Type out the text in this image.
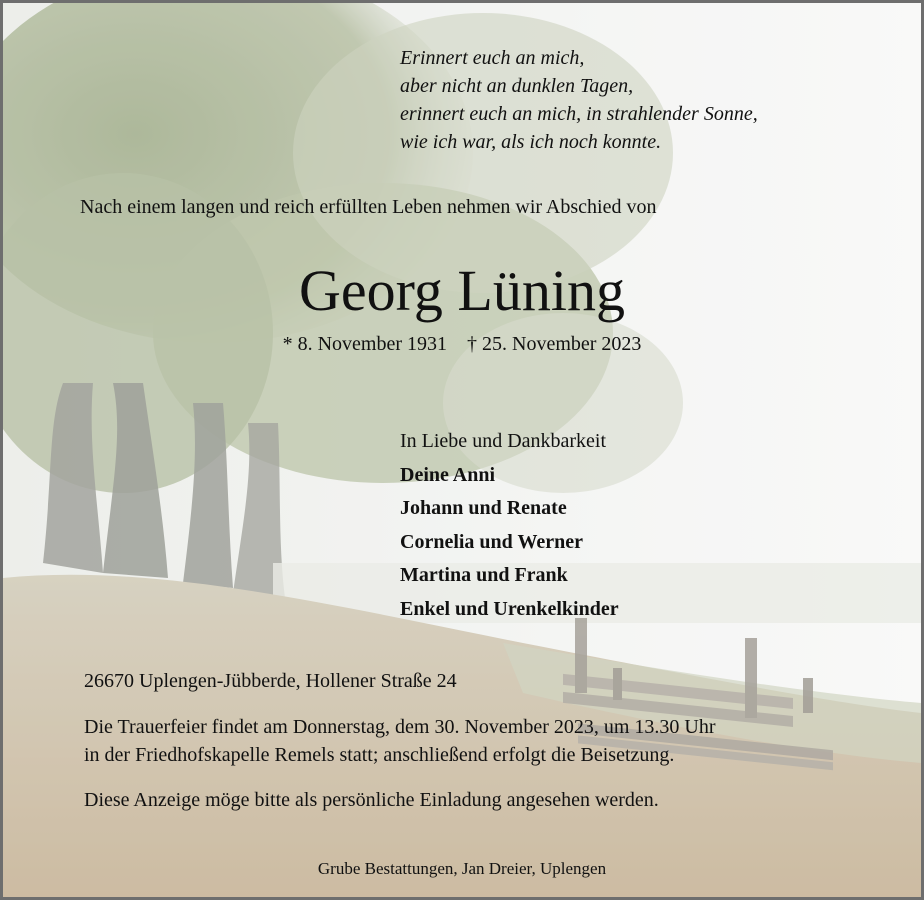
Erinnert euch an mich,
aber nicht an dunklen Tagen,
erinnert euch an mich, in strahlender Sonne,
wie ich war, als ich noch konnte.
Nach einem langen und reich erfüllten Leben nehmen wir Abschied von
Georg Lüning
* 8. November 1931 † 25. November 2023
In Liebe und Dankbarkeit
Deine Anni
Johann und Renate
Cornelia und Werner
Martina und Frank
Enkel und Urenkelkinder
26670 Uplengen-Jübberde, Hollener Straße 24
Die Trauerfeier findet am Donnerstag, dem 30. November 2023, um 13.30 Uhr
in der Friedhofskapelle Remels statt; anschließend erfolgt die Beisetzung.
Diese Anzeige möge bitte als persönliche Einladung angesehen werden.
Grube Bestattungen, Jan Dreier, Uplengen
